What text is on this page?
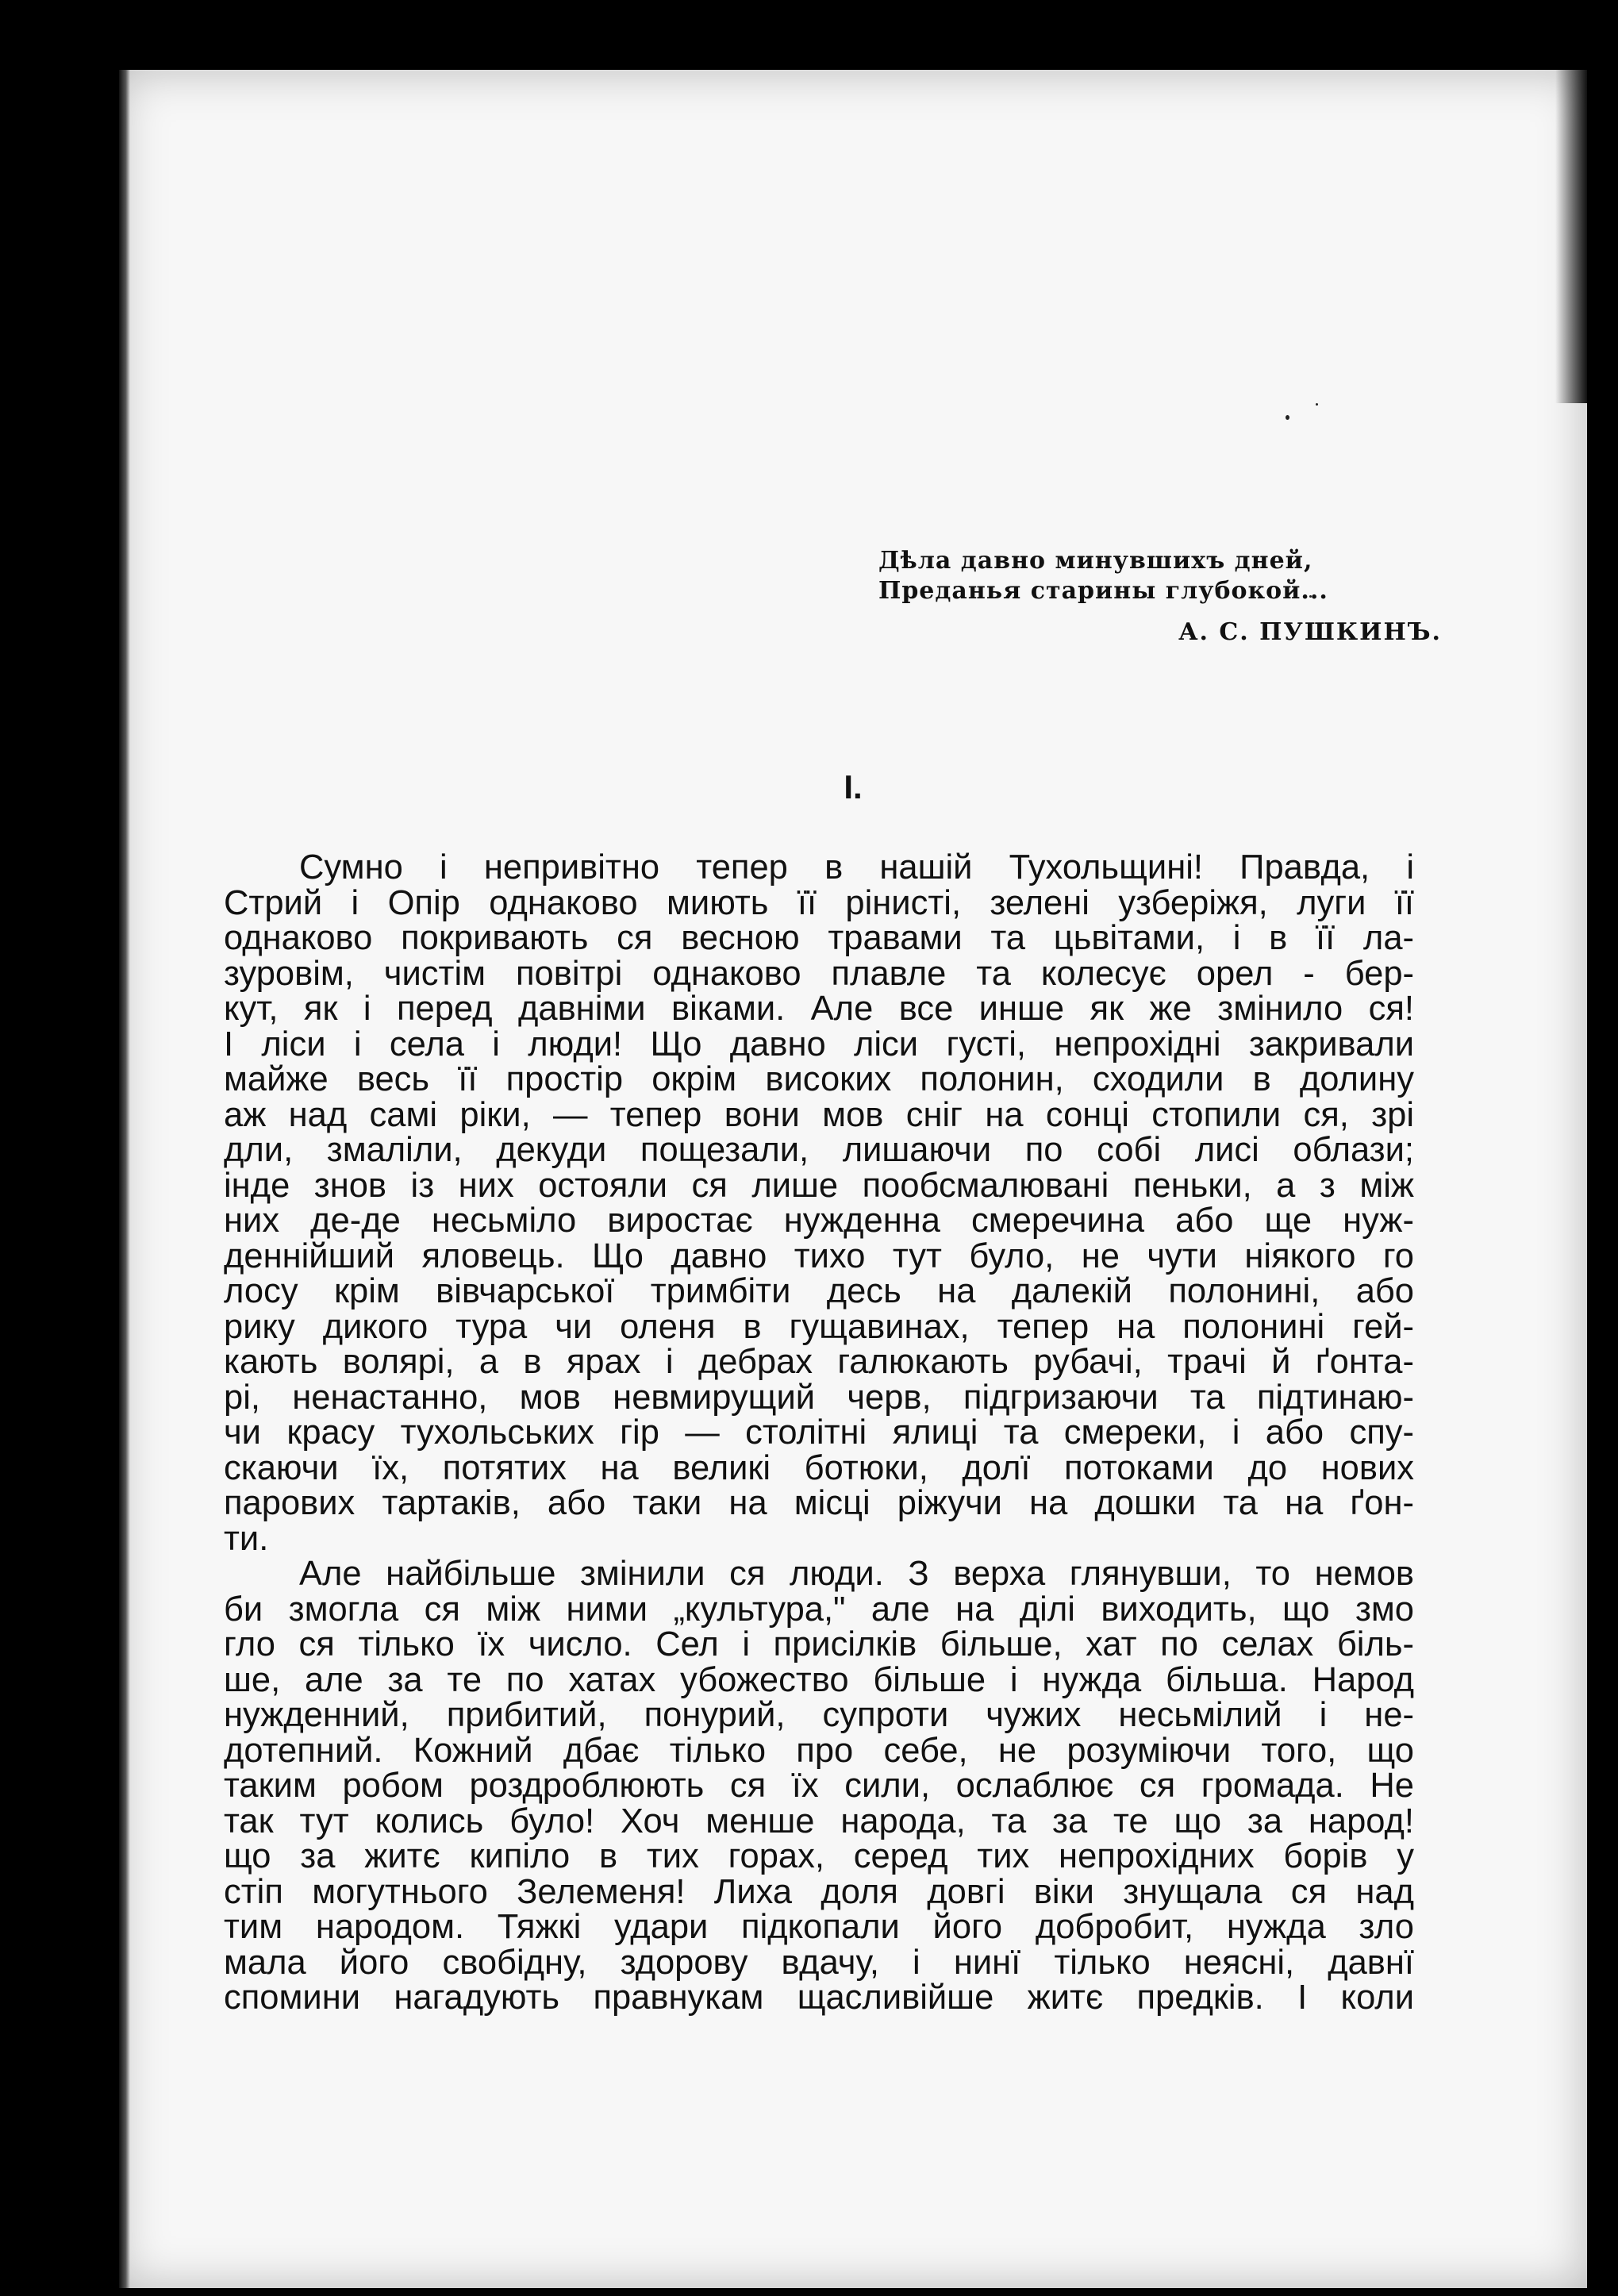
Дѣла давно минувшихъ дней,
Преданья старины глубокой...
А. С. ПУШКИНЪ.
I.
Сумно і непривітно тепер в нашій Тухольщині! Правда, і
Стрий і Опір однаково миють її рінисті, зелені узберіжя, луги її
однаково покривають ся весною травами та цьвітами, і в її ла-
зуровім, чистім повітрі однаково плавле та колесує орел - бер-
кут, як і перед давніми віками. Але все инше як же змінило ся!
І ліси і села і люди! Що давно ліси густі, непрохідні закривали
майже весь її простір окрім високих полонин, сходили в долину
аж над самі ріки, — тепер вони мов сніг на сонці стопили ся, зрі
дли, змаліли, декуди пощезали, лишаючи по собі лисі облази;
інде знов із них остояли ся лише пообсмалювані пеньки, а з між
них де-де несьміло виростає нужденна смеречина або ще нуж-
деннійший яловець. Що давно тихо тут було, не чути ніякого го
лосу крім вівчарської тримбіти десь на далекій полонині, або
рику дикого тура чи оленя в гущавинах, тепер на полонині гей-
кають волярі, а в ярах і дебрах галюкають рубачі, трачі й ґонта-
рі, ненастанно, мов невмирущий черв, підгризаючи та підтинаю-
чи красу тухольських гір — столітні ялиці та смереки, і або спу-
скаючи їх, потятих на великі ботюки, долї потоками до нових
парових тартаків, або таки на місці ріжучи на дошки та на ґон-
ти.
Але найбільше змінили ся люди. З верха глянувши, то немов
би змогла ся між ними „культура," але на ділі виходить, що змо
гло ся тілько їх число. Сел і присілків більше, хат по селах біль-
ше, але за те по хатах убожество більше і нужда більша. Народ
нужденний, прибитий, понурий, супроти чужих несьмілий і не-
дотепний. Кожний дбає тілько про себе, не розуміючи того, що
таким робом роздроблюють ся їх сили, ослаблює ся громада. Не
так тут колись було! Хоч менше народа, та за те що за народ!
що за житє кипіло в тих горах, серед тих непрохідних борів у
стіп могутнього Зелеменя! Лиха доля довгі віки знущала ся над
тим народом. Тяжкі удари підкопали його добробит, нужда зло
мала його свобідну, здорову вдачу, і нинї тілько неясні, давнї
спомини нагадують правнукам щасливійше житє предків. І коли
